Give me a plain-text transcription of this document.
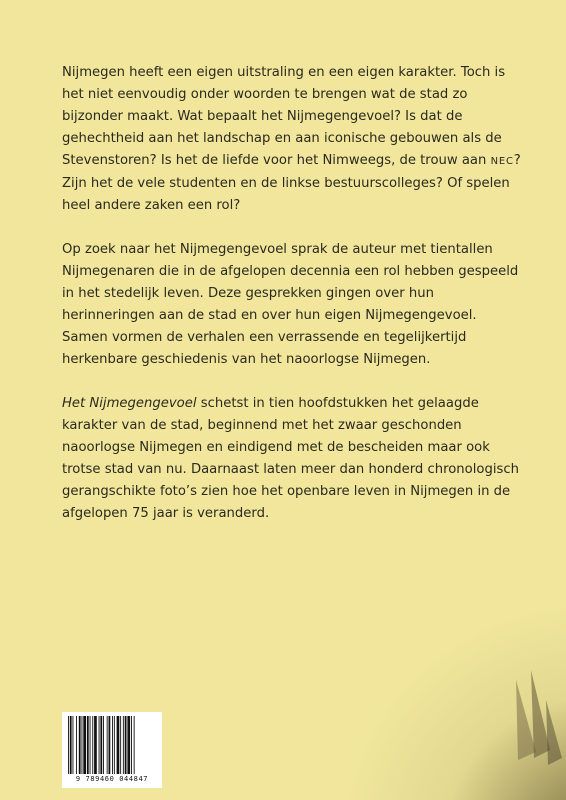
Nijmegen heeft een eigen uitstraling en een eigen karakter. Toch is het niet eenvoudig onder woorden te brengen wat de stad zo bijzonder maakt. Wat bepaalt het Nijmegengevoel? Is dat de gehechtheid aan het landschap en aan iconische gebouwen als de Stevenstoren? Is het de liefde voor het Nimweegs, de trouw aan NEC? Zijn het de vele studenten en de linkse bestuurscolleges? Of spelen heel andere zaken een rol?

Op zoek naar het Nijmegengevoel sprak de auteur met tientallen Nijmegenaren die in de afgelopen decennia een rol hebben gespeeld in het stedelijk leven. Deze gesprekken gingen over hun herinneringen aan de stad en over hun eigen Nijmegengevoel. Samen vormen de verhalen een verrassende en tegelijkertijd herkenbare geschiedenis van het naoorlogse Nijmegen.

Het Nijmegengevoel schetst in tien hoofdstukken het gelaagde karakter van de stad, beginnend met het zwaar geschonden naoorlogse Nijmegen en eindigend met de bescheiden maar ook trotse stad van nu. Daarnaast laten meer dan honderd chronologisch gerangschikte foto’s zien hoe het openbare leven in Nijmegen in de afgelopen 75 jaar is veranderd.

9 789460 044847
